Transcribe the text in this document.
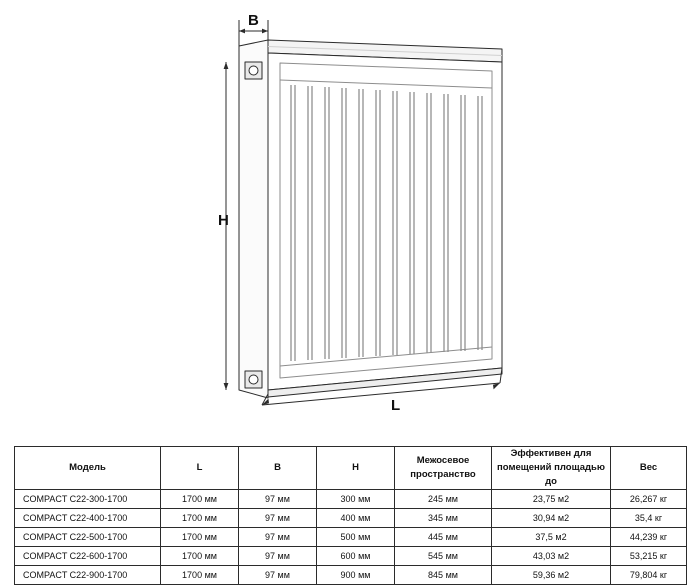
B
H
L
Модель	L	B	H	Межосевое пространство	Эффективен для помещений площадью до	Вес
COMPACT C22-300-1700	1700 мм	97 мм	300 мм	245 мм	23,75 м2	26,267 кг
COMPACT C22-400-1700	1700 мм	97 мм	400 мм	345 мм	30,94 м2	35,4 кг
COMPACT C22-500-1700	1700 мм	97 мм	500 мм	445 мм	37,5 м2	44,239 кг
COMPACT C22-600-1700	1700 мм	97 мм	600 мм	545 мм	43,03 м2	53,215 кг
COMPACT C22-900-1700	1700 мм	97 мм	900 мм	845 мм	59,36 м2	79,804 кг
